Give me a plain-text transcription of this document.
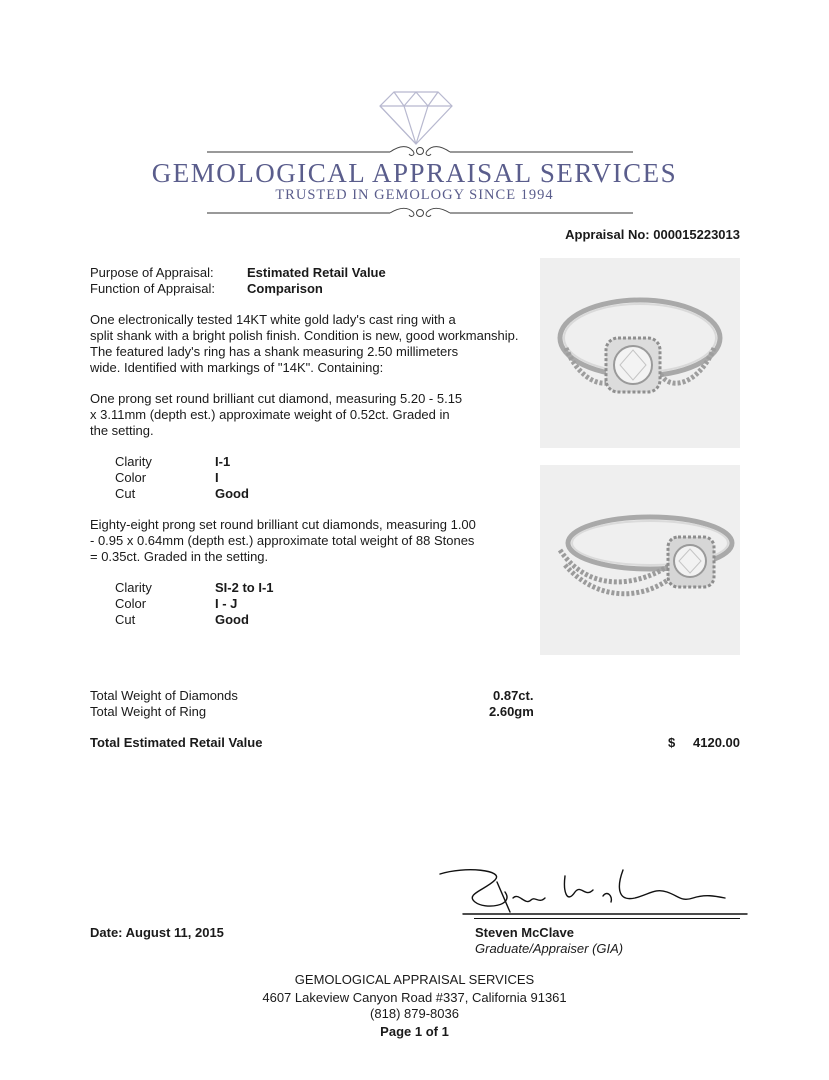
GEMOLOGICAL APPRAISAL SERVICES
TRUSTED IN GEMOLOGY SINCE 1994
Appraisal No: 000015223013
Purpose of Appraisal:	Estimated Retail Value
Function of Appraisal: Comparison
One electronically tested 14KT white gold lady's cast ring with a
split shank with a bright polish finish. Condition is new, good workmanship.
The featured lady's ring has a shank measuring 2.50 millimeters
wide. Identified with markings of "14K". Containing:
One prong set round brilliant cut diamond, measuring 5.20 - 5.15
x 3.11mm (depth est.) approximate weight of 0.52ct. Graded in
the setting.
Clarity	I-1
Color	I
Cut	Good
Eighty-eight prong set round brilliant cut diamonds, measuring 1.00
- 0.95 x 0.64mm (depth est.) approximate total weight of 88 Stones
= 0.35ct. Graded in the setting.
Clarity	SI-2 to I-1
Color	I - J
Cut	Good
Total Weight of Diamonds	0.87ct.
Total Weight of Ring	2.60gm
Total Estimated Retail Value	$ 4120.00
Date: August 11, 2015	Steven McClave
Graduate/Appraiser (GIA)
GEMOLOGICAL APPRAISAL SERVICES
4607 Lakeview Canyon Road #337, California 91361
(818) 879-8036
Page 1 of 1
